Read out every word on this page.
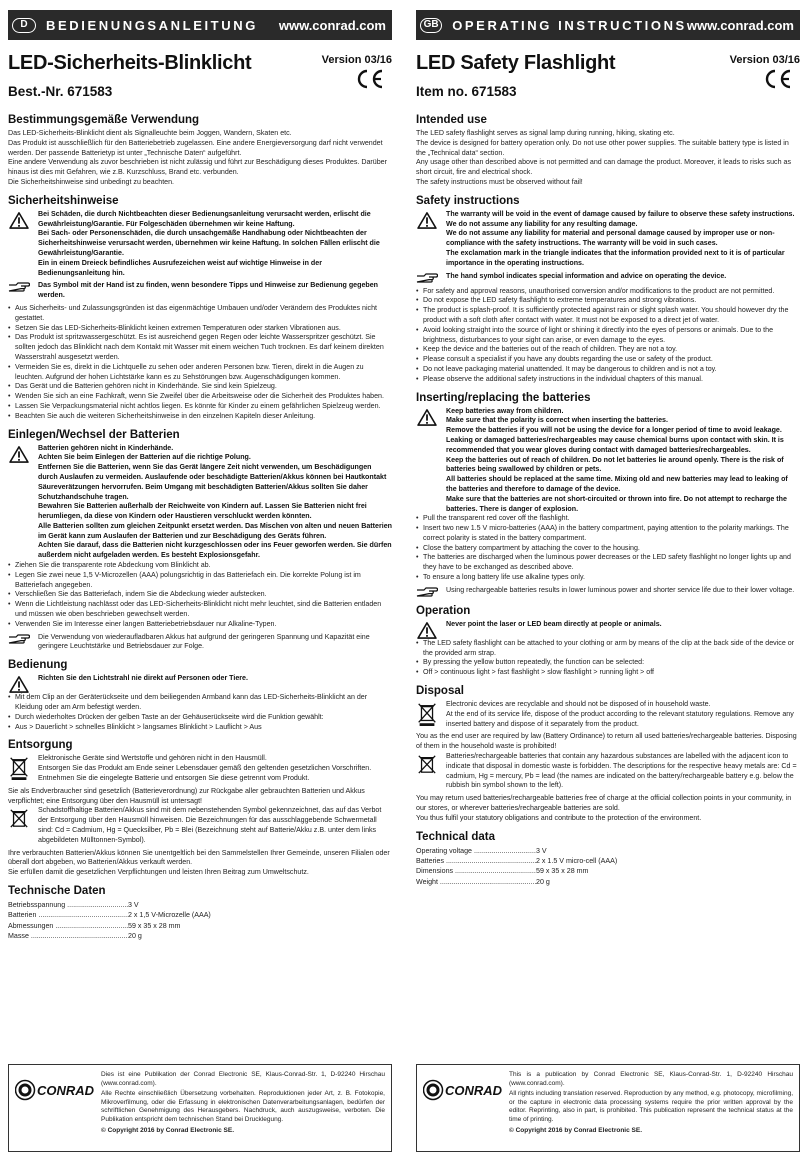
D	BEDIENUNGSANLEITUNG	www.conrad.com
LED-Sicherheits-Blinklicht
Best.-Nr. 671583
Version 03/16
Bestimmungsgemäße Verwendung
Das LED-Sicherheits-Blinklicht dient als Signalleuchte beim Joggen, Wandern, Skaten etc.
Das Produkt ist ausschließlich für den Batteriebetrieb zugelassen. Eine andere Energieversorgung darf nicht verwendet werden. Der passende Batterietyp ist unter „Technische Daten“ aufgeführt.
Eine andere Verwendung als zuvor beschrieben ist nicht zulässig und führt zur Beschädigung dieses Produktes. Darüber hinaus ist dies mit Gefahren, wie z.B. Kurzschluss, Brand etc. verbunden.
Die Sicherheitshinweise sind unbedingt zu beachten.
Sicherheitshinweise
Bei Schäden, die durch Nichtbeachten dieser Bedienungsanleitung verursacht werden, erlischt die Gewährleistung/Garantie. Für Folgeschäden übernehmen wir keine Haftung.
Bei Sach- oder Personenschäden, die durch unsachgemäße Handhabung oder Nichtbeachten der Sicherheitshinweise verursacht werden, übernehmen wir keine Haftung. In solchen Fällen erlischt die Gewährleistung/Garantie.
Ein in einem Dreieck befindliches Ausrufezeichen weist auf wichtige Hinweise in der Bedienungsanleitung hin.
Das Symbol mit der Hand ist zu finden, wenn besondere Tipps und Hinweise zur Bedienung gegeben werden.
• Aus Sicherheits- und Zulassungsgründen ist das eigenmächtige Umbauen und/oder Verändern des Produktes nicht gestattet.
• Setzen Sie das LED-Sicherheits-Blinklicht keinen extremen Temperaturen oder starken Vibrationen aus.
• Das Produkt ist spritzwassergeschützt. Es ist ausreichend gegen Regen oder leichte Wasserspritzer geschützt. Sie sollten jedoch das Blinklicht nach dem Kontakt mit Wasser mit einem weichen Tuch trocknen. Es darf keinem direkten Wasserstrahl ausgesetzt werden.
• Vermeiden Sie es, direkt in die Lichtquelle zu sehen oder anderen Personen bzw. Tieren, direkt in die Augen zu leuchten. Aufgrund der hohen Lichtstärke kann es zu Sehstörungen bzw. Augenschädigungen kommen.
• Das Gerät und die Batterien gehören nicht in Kinderhände. Sie sind kein Spielzeug.
• Wenden Sie sich an eine Fachkraft, wenn Sie Zweifel über die Arbeitsweise oder die Sicherheit des Produktes haben.
• Lassen Sie Verpackungsmaterial nicht achtlos liegen. Es könnte für Kinder zu einem gefährlichen Spielzeug werden.
• Beachten Sie auch die weiteren Sicherheitshinweise in den einzelnen Kapiteln dieser Anleitung.
Einlegen/Wechsel der Batterien
Batterien gehören nicht in Kinderhände.
Achten Sie beim Einlegen der Batterien auf die richtige Polung.
Entfernen Sie die Batterien, wenn Sie das Gerät längere Zeit nicht verwenden, um Beschädigungen durch Auslaufen zu vermeiden. Auslaufende oder beschädigte Batterien/Akkus können bei Hautkontakt Säureverätzungen hervorrufen. Beim Umgang mit beschädigten Batterien/Akkus sollten Sie daher Schutzhandschuhe tragen.
Bewahren Sie Batterien außerhalb der Reichweite von Kindern auf. Lassen Sie Batterien nicht frei herumliegen, da diese von Kindern oder Haustieren verschluckt werden könnten.
Alle Batterien sollten zum gleichen Zeitpunkt ersetzt werden. Das Mischen von alten und neuen Batterien im Gerät kann zum Auslaufen der Batterien und zur Beschädigung des Geräts führen.
Achten Sie darauf, dass die Batterien nicht kurzgeschlossen oder ins Feuer geworfen werden. Sie dürfen außerdem nicht aufgeladen werden. Es besteht Explosionsgefahr.
• Ziehen Sie die transparente rote Abdeckung vom Blinklicht ab.
• Legen Sie zwei neue 1,5 V-Microzellen (AAA) polungsrichtig in das Batteriefach ein. Die korrekte Polung ist im Batteriefach angegeben.
• Verschließen Sie das Batteriefach, indem Sie die Abdeckung wieder aufstecken.
• Wenn die Lichtleistung nachlässt oder das LED-Sicherheits-Blinklicht nicht mehr leuchtet, sind die Batterien entladen und müssen wie oben beschrieben gewechselt werden.
• Verwenden Sie im Interesse einer langen Batteriebetriebsdauer nur Alkaline-Typen.
Die Verwendung von wiederaufladbaren Akkus hat aufgrund der geringeren Spannung und Kapazität eine geringere Leuchtstärke und Betriebsdauer zur Folge.
Bedienung
Richten Sie den Lichtstrahl nie direkt auf Personen oder Tiere.
• Mit dem Clip an der Geräterückseite und dem beiliegenden Armband kann das LED-Sicherheits-Blinklicht an der Kleidung oder am Arm befestigt werden.
• Durch wiederholtes Drücken der gelben Taste an der Gehäuserückseite wird die Funktion gewählt:
• Aus > Dauerlicht > schnelles Blinklicht > langsames Blinklicht > Lauflicht > Aus
Entsorgung
Elektronische Geräte sind Wertstoffe und gehören nicht in den Hausmüll.
Entsorgen Sie das Produkt am Ende seiner Lebensdauer gemäß den geltenden gesetzlichen Vorschriften. Entnehmen Sie die eingelegte Batterie und entsorgen Sie diese getrennt vom Produkt.
Sie als Endverbraucher sind gesetzlich (Batterieverordnung) zur Rückgabe aller gebrauchten Batterien und Akkus verpflichtet; eine Entsorgung über den Hausmüll ist untersagt!
Schadstoffhaltige Batterien/Akkus sind mit dem nebenstehenden Symbol gekennzeichnet, das auf das Verbot der Entsorgung über den Hausmüll hinweisen. Die Bezeichnungen für das ausschlaggebende Schwermetall sind: Cd = Cadmium, Hg = Quecksilber, Pb = Blei (Bezeichnung steht auf Batterie/Akku z.B. unter dem links abgebildeten Mülltonnen-Symbol).
Ihre verbrauchten Batterien/Akkus können Sie unentgeltlich bei den Sammelstellen Ihrer Gemeinde, unseren Filialen oder überall dort abgeben, wo Batterien/Akkus verkauft werden.
Sie erfüllen damit die gesetzlichen Verpflichtungen und leisten Ihren Beitrag zum Umweltschutz.
Technische Daten
Betriebsspannung .....	3 V
Batterien .....	2 x 1,5 V-Microzelle (AAA)
Abmessungen .....	59 x 35 x 28 mm
Masse .....	20 g
GB OPERATING INSTRUCTIONS www.conrad.com
LED Safety Flashlight
Item no. 671583
Version 03/16
Intended use
The LED safety flashlight serves as signal lamp during running, hiking, skating etc.
The device is designed for battery operation only. Do not use other power supplies. The suitable battery type is listed in the „Technical data“ section.
Any usage other than described above is not permitted and can damage the product. Moreover, it leads to risks such as short circuit, fire and electrical shock.
The safety instructions must be observed without fail!
Safety instructions
The warranty will be void in the event of damage caused by failure to observe these safety instructions.
We do not assume any liability for any resulting damage.
We do not assume any liability for material and personal damage caused by improper use or non-compliance with the safety instructions. The warranty will be void in such cases.
The exclamation mark in the triangle indicates that the information provided next to it is of particular importance in the operating instructions.
The hand symbol indicates special information and advice on operating the device.
• For safety and approval reasons, unauthorised conversion and/or modifications to the product are not permitted.
• Do not expose the LED safety flashlight to extreme temperatures and strong vibrations.
• The product is splash-proof. It is sufficiently protected against rain or slight splash water. You should however dry the product with a soft cloth after contact with water. It must not be exposed to a direct jet of water.
• Avoid looking straight into the source of light or shining it directly into the eyes of persons or animals. Due to the brightness, disturbances to your sight can arise, or even damage to the eyes.
• Keep the device and the batteries out of the reach of children. They are not a toy.
• Please consult a specialist if you have any doubts regarding the use or safety of the product.
• Do not leave packaging material unattended. It may be dangerous to children and is not a toy.
• Please observe the additional safety instructions in the individual chapters of this manual.
Inserting/replacing the batteries
Keep batteries away from children.
Make sure that the polarity is correct when inserting the batteries.
Remove the batteries if you will not be using the device for a longer period of time to avoid leakage.
Leaking or damaged batteries/rechargeables may cause chemical burns upon contact with skin. It is recommended that you wear gloves during contact with damaged batteries/rechargeables.
Keep the batteries out of reach of children. Do not let batteries lie around openly. There is the risk of batteries being swallowed by children or pets.
All batteries should be replaced at the same time. Mixing old and new batteries may lead to leaking of the batteries and therefore to damage of the device.
Make sure that the batteries are not short-circuited or thrown into fire. Do not attempt to recharge the batteries. There is danger of explosion.
• Pull the transparent red cover off the flashlight.
• Insert two new 1.5 V micro-batteries (AAA) in the battery compartment, paying attention to the polarity markings. The correct polarity is stated in the battery compartment.
• Close the battery compartment by attaching the cover to the housing.
• The batteries are discharged when the luminous power decreases or the LED safety flashlight no longer lights up and they have to be exchanged as described above.
• To ensure a long battery life use alkaline types only.
Using rechargeable batteries results in lower luminous power and shorter service life due to their lower voltage.
Operation
Never point the laser or LED beam directly at people or animals.
• The LED safety flashlight can be attached to your clothing or arm by means of the clip at the back side of the device or the provided arm strap.
• By pressing the yellow button repeatedly, the function can be selected:
• Off > continuous light > fast flashlight > slow flashlight > running light > off
Disposal
Electronic devices are recyclable and should not be disposed of in household waste.
At the end of its service life, dispose of the product according to the relevant statutory regulations. Remove any inserted battery and dispose of it separately from the product.
You as the end user are required by law (Battery Ordinance) to return all used batteries/rechargeable batteries. Disposing of them in the household waste is prohibited!
Batteries/rechargeable batteries that contain any hazardous substances are labelled with the adjacent icon to indicate that disposal in domestic waste is forbidden. The descriptions for the respective heavy metals are: Cd = cadmium, Hg = mercury, Pb = lead (the names are indicated on the battery/rechargeable battery e.g. below the rubbish bin symbol shown to the left).
You may return used batteries/rechargeable batteries free of charge at the official collection points in your community, in our stores, or wherever batteries/rechargeable batteries are sold.
You thus fulfil your statutory obligations and contribute to the protection of the environment.
Technical data
Operating voltage .....	3 V
Batteries .....	2 x 1.5 V micro-cell (AAA)
Dimensions .....	59 x 35 x 28 mm
Weight .....	20 g
CONRAD

Dies ist eine Publikation der Conrad Electronic SE, Klaus-Conrad-Str. 1, D-92240 Hirschau (www.conrad.com).

Alle Rechte einschließlich Übersetzung vorbehalten. Reproduktionen jeder Art, z. B. Fotokopie, Mikroverfilmung, oder die Erfassung in elektronischen Datenverarbeitungsanlagen, bedürfen der schriftlichen Genehmigung des Herausgebers. Nachdruck, auch auszugsweise, verboten. Die Publikation entspricht dem technischen Stand bei Drucklegung.

© Copyright 2016 by Conrad Electronic SE.

CONRAD

This is a publication by Conrad Electronic SE, Klaus-Conrad-Str. 1, D-92240 Hirschau (www.conrad.com).

All rights including translation reserved. Reproduction by any method, e.g. photocopy, microfilming, or the capture in electronic data processing systems require the prior written approval by the editor. Reprinting, also in part, is prohibited. This publication represent the technical status at the time of printing.

© Copyright 2016 by Conrad Electronic SE.
